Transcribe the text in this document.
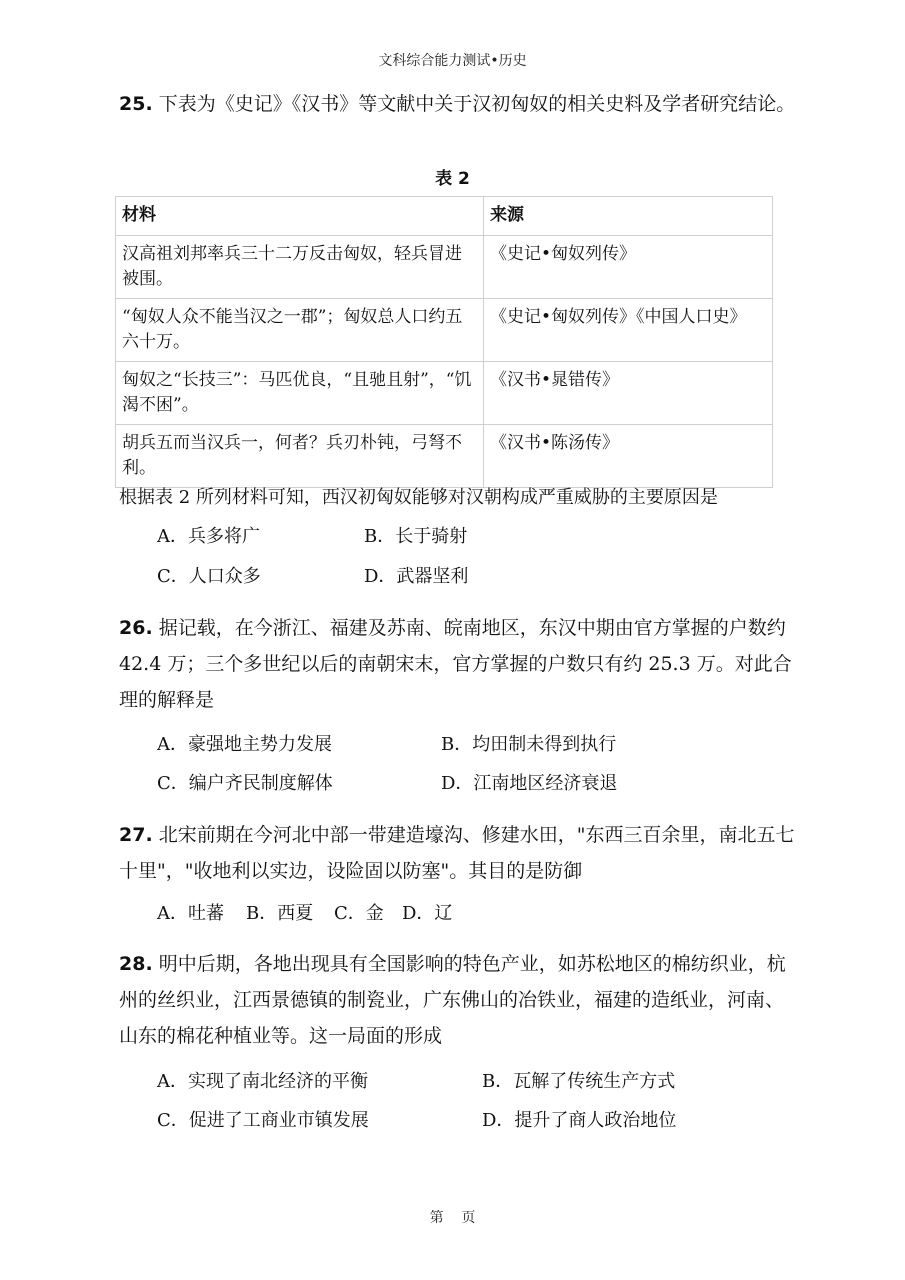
文科综合能力测试•历史
25. 下表为《史记》《汉书》等文献中关于汉初匈奴的相关史料及学者研究结论。
表 2
材料	来源
汉高祖刘邦率兵三十二万反击匈奴，轻兵冒进被围。	《史记•匈奴列传》
“匈奴人众不能当汉之一郡”；匈奴总人口约五六十万。	《史记•匈奴列传》《中国人口史》
匈奴之“长技三”：马匹优良，“且驰且射”，“饥渴不困”。	《汉书•晁错传》
胡兵五而当汉兵一，何者？兵刃朴钝，弓弩不利。	《汉书•陈汤传》
根据表 2 所列材料可知，西汉初匈奴能够对汉朝构成严重威胁的主要原因是
A．兵多将广	B．长于骑射
C．人口众多	D．武器坚利
26. 据记载，在今浙江、福建及苏南、皖南地区，东汉中期由官方掌握的户数约 42.4 万；三个多世纪以后的南朝宋末，官方掌握的户数只有约 25.3 万。对此合理的解释是
A．豪强地主势力发展	B．均田制未得到执行
C．编户齐民制度解体	D．江南地区经济衰退
27. 北宋前期在今河北中部一带建造壕沟、修建水田，"东西三百余里，南北五七十里"，"收地利以实边，设险固以防塞"。其目的是防御
A．吐蕃 B．西夏 C．金 D．辽
28. 明中后期，各地出现具有全国影响的特色产业，如苏松地区的棉纺织业，杭州的丝织业，江西景德镇的制瓷业，广东佛山的冶铁业，福建的造纸业，河南、山东的棉花种植业等。这一局面的形成
A．实现了南北经济的平衡	B．瓦解了传统生产方式
C．促进了工商业市镇发展	D．提升了商人政治地位
第    页
